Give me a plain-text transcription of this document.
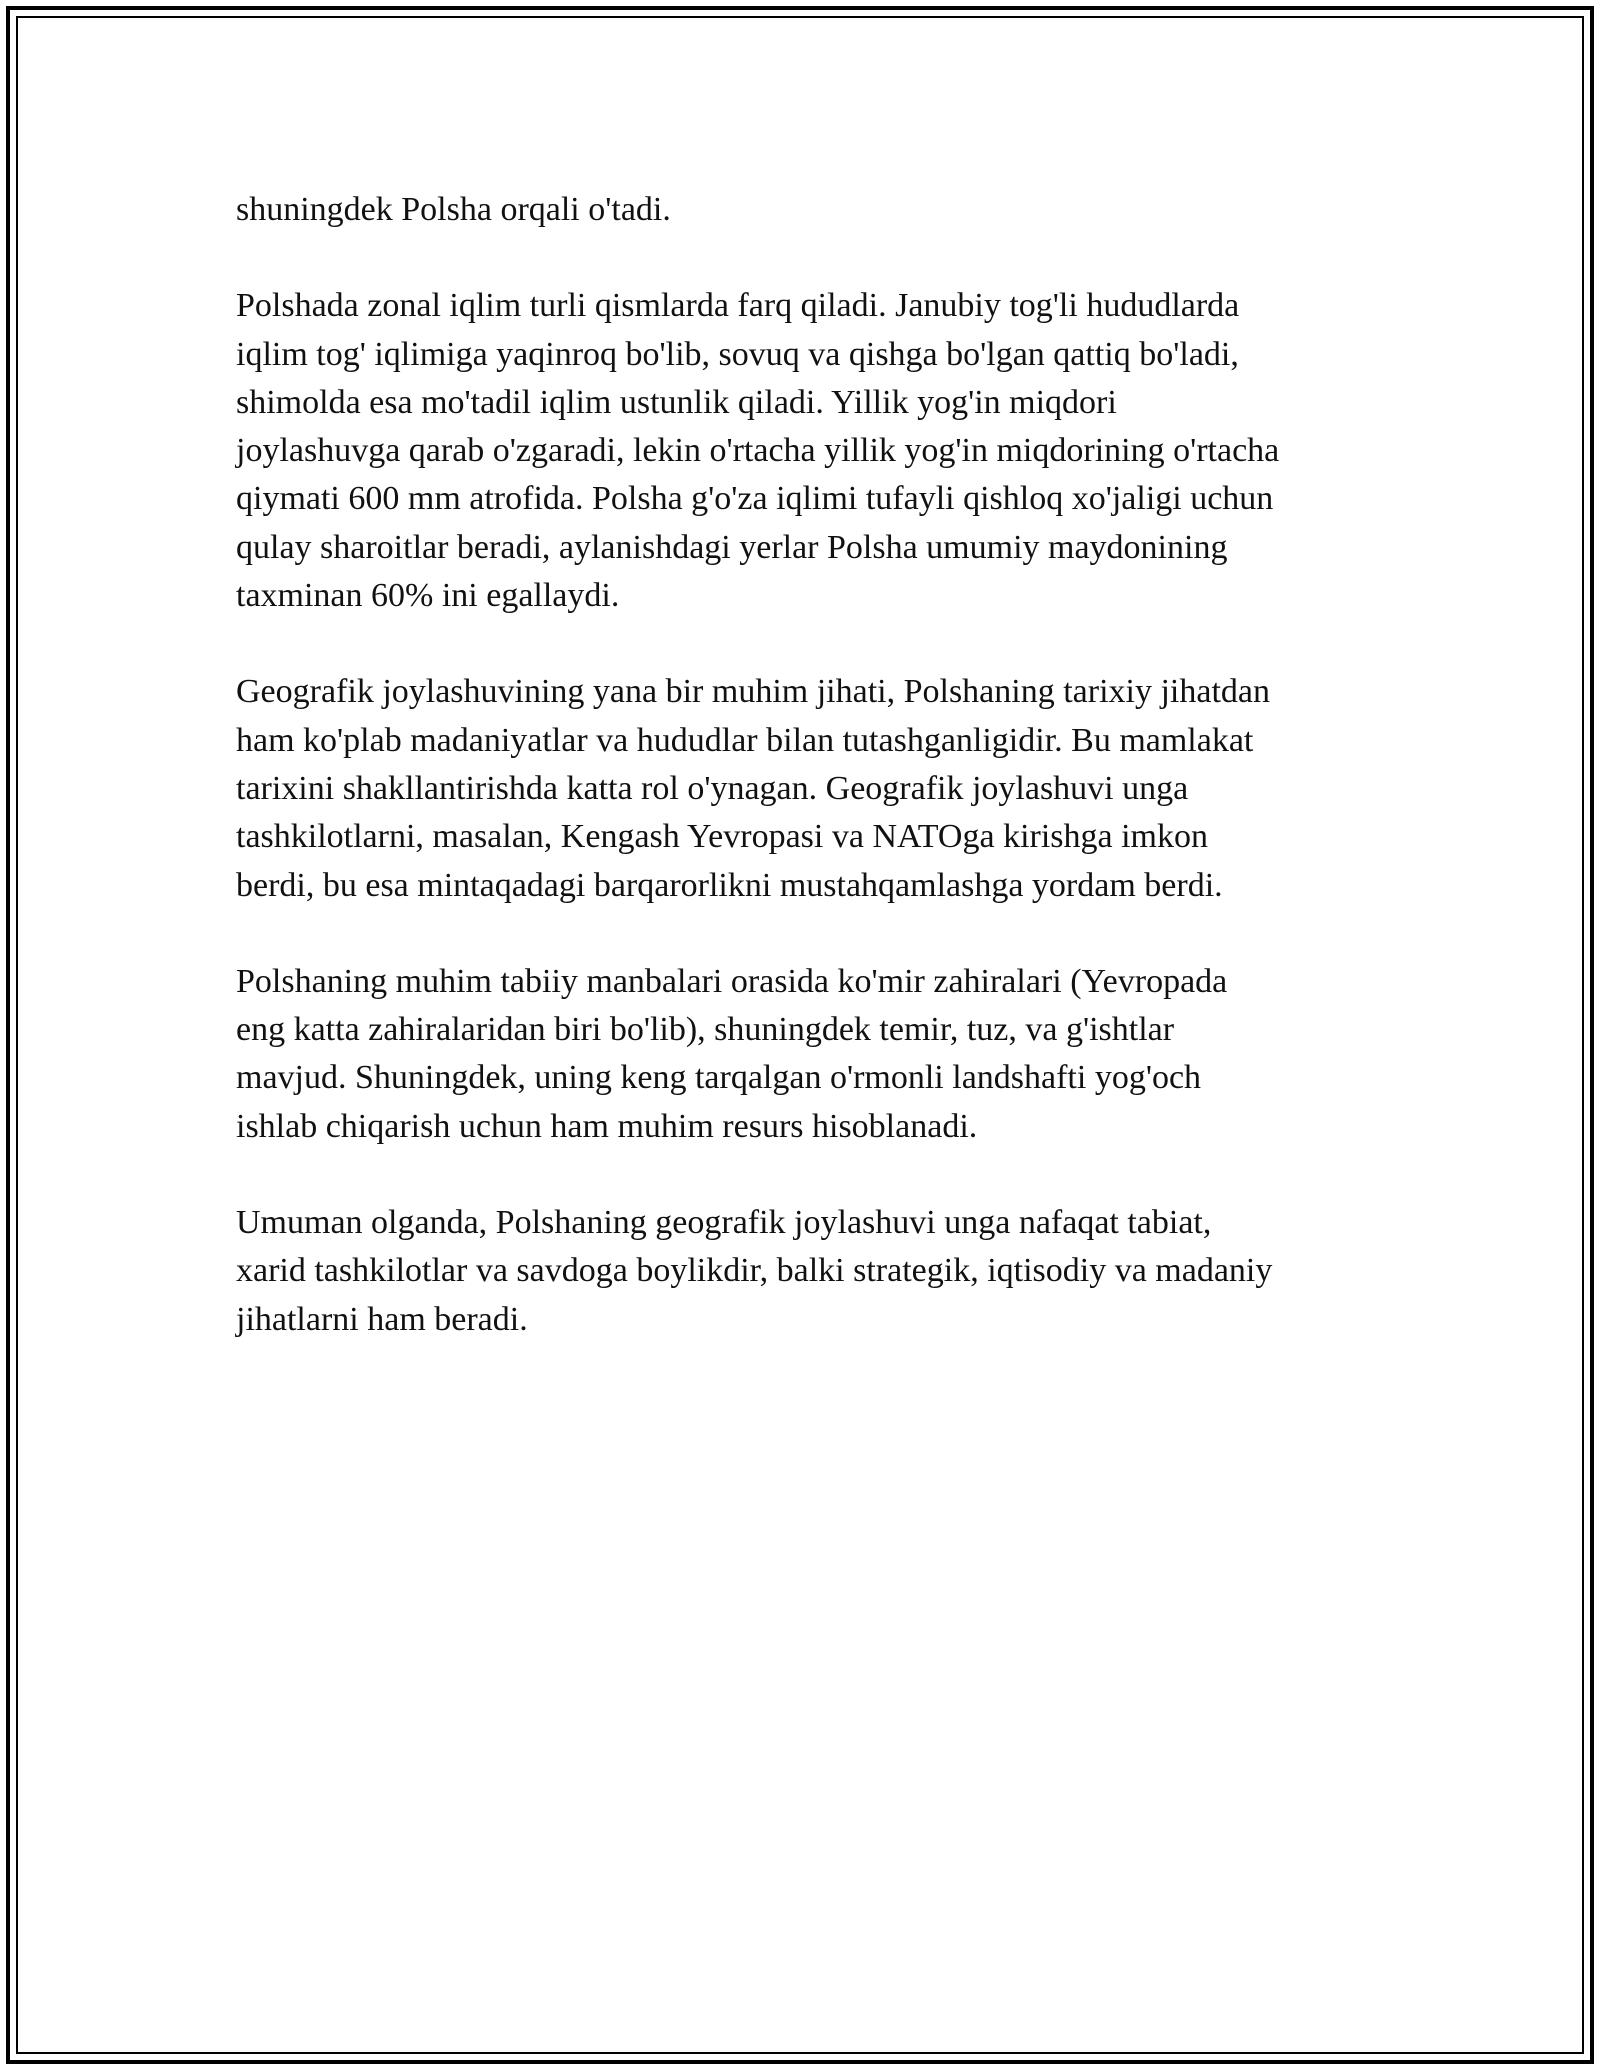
shuningdek Polsha orqali o'tadi.

Polshada zonal iqlim turli qismlarda farq qiladi. Janubiy tog'li hududlarda
iqlim tog' iqlimiga yaqinroq bo'lib, sovuq va qishga bo'lgan qattiq bo'ladi,
shimolda esa mo'tadil iqlim ustunlik qiladi. Yillik yog'in miqdori
joylashuvga qarab o'zgaradi, lekin o'rtacha yillik yog'in miqdorining o'rtacha
qiymati 600 mm atrofida. Polsha g'o'za iqlimi tufayli qishloq xo'jaligi uchun
qulay sharoitlar beradi, aylanishdagi yerlar Polsha umumiy maydonining
taxminan 60% ini egallaydi.

Geografik joylashuvining yana bir muhim jihati, Polshaning tarixiy jihatdan
ham ko'plab madaniyatlar va hududlar bilan tutashganligidir. Bu mamlakat
tarixini shakllantirishda katta rol o'ynagan. Geografik joylashuvi unga
tashkilotlarni, masalan, Kengash Yevropasi va NATOga kirishga imkon
berdi, bu esa mintaqadagi barqarorlikni mustahqamlashga yordam berdi.

Polshaning muhim tabiiy manbalari orasida ko'mir zahiralari (Yevropada
eng katta zahiralaridan biri bo'lib), shuningdek temir, tuz, va g'ishtlar
mavjud. Shuningdek, uning keng tarqalgan o'rmonli landshafti yog'och
ishlab chiqarish uchun ham muhim resurs hisoblanadi.

Umuman olganda, Polshaning geografik joylashuvi unga nafaqat tabiat,
xarid tashkilotlar va savdoga boylikdir, balki strategik, iqtisodiy va madaniy
jihatlarni ham beradi.
